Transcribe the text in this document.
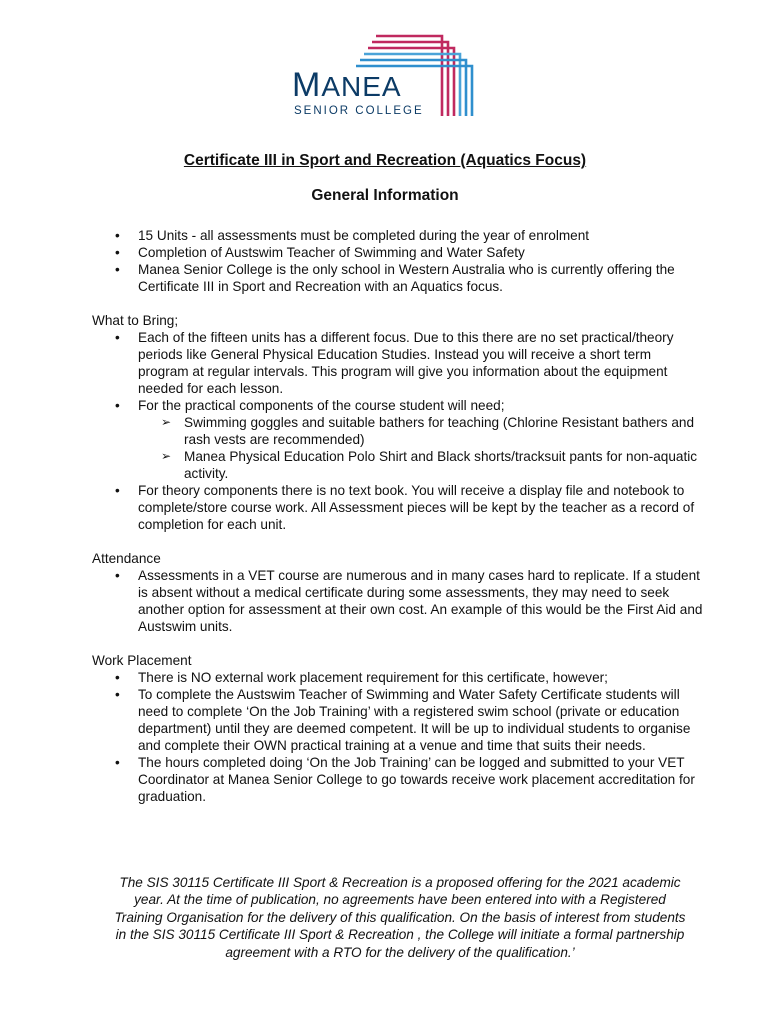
MANEA
SENIOR COLLEGE
Certificate III in Sport and Recreation (Aquatics Focus)
General Information
• 15 Units - all assessments must be completed during the year of enrolment
• Completion of Austswim Teacher of Swimming and Water Safety
• Manea Senior College is the only school in Western Australia who is currently offering the Certificate III in Sport and Recreation with an Aquatics focus.
What to Bring;
• Each of the fifteen units has a different focus. Due to this there are no set practical/theory periods like General Physical Education Studies. Instead you will receive a short term program at regular intervals. This program will give you information about the equipment needed for each lesson.
• For the practical components of the course student will need;
➢ Swimming goggles and suitable bathers for teaching (Chlorine Resistant bathers and rash vests are recommended)
➢ Manea Physical Education Polo Shirt and Black shorts/tracksuit pants for non-aquatic activity.
• For theory components there is no text book. You will receive a display file and notebook to complete/store course work. All Assessment pieces will be kept by the teacher as a record of completion for each unit.
Attendance
• Assessments in a VET course are numerous and in many cases hard to replicate. If a student is absent without a medical certificate during some assessments, they may need to seek another option for assessment at their own cost. An example of this would be the First Aid and Austswim units.
Work Placement
• There is NO external work placement requirement for this certificate, however;
• To complete the Austswim Teacher of Swimming and Water Safety Certificate students will need to complete ‘On the Job Training’ with a registered swim school (private or education department) until they are deemed competent. It will be up to individual students to organise and complete their OWN practical training at a venue and time that suits their needs.
• The hours completed doing ‘On the Job Training’ can be logged and submitted to your VET Coordinator at Manea Senior College to go towards receive work placement accreditation for graduation.
The SIS 30115 Certificate III Sport & Recreation is a proposed offering for the 2021 academic year. At the time of publication, no agreements have been entered into with a Registered Training Organisation for the delivery of this qualification. On the basis of interest from students in the SIS 30115 Certificate III Sport & Recreation , the College will initiate a formal partnership agreement with a RTO for the delivery of the qualification.’
